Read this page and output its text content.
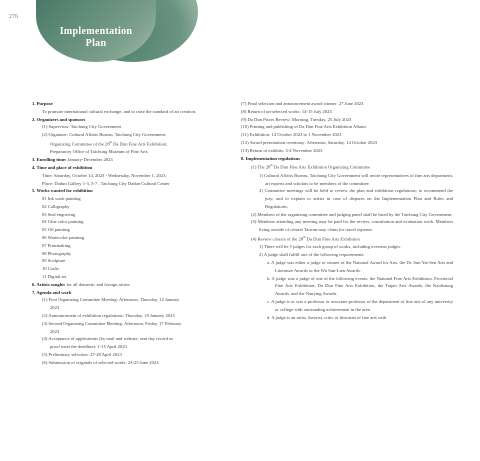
276
Implementation
Plan
1. Purpose
To promote international cultural exchange, and to raise the standard of art creation.
2. Organizers and sponsors
(1) Supervisor: Taichung City Government
(2) Organizer: Cultural Affairs Bureau, Taichung City Government;
Organizing Committee of the 28th Da Dun Fine Arts Exhibition;
Preparatory Office of Taichung Museum of Fine Arts
3. Enrolling time: January-December 2023
4. Time and place of exhibition
Time: Saturday, October 14, 2023 - Wednesday, November 1, 2023;
Place: Dadun Gallery 1-3, 5-7 , Taichung City Dadun Cultural Center
5. Works wanted for exhibition
01 Ink wash painting
02 Calligraphy
03 Seal engraving
04 Glue color painting
05 Oil painting
06 Watercolor painting
07 Printmaking
08 Photography
09 Sculpture
10 Crafts
11 Digital art
6. Artists sought: for all domestic and foreign artists
7. Agenda and work
(1) First Organizing Committee Meeting: Afternoon, Thursday, 12 January
2023
(2) Announcement of exhibition regulations: Thursday, 19 January 2023
(3) Second Organizing Committee Meeting: Afternoon, Friday, 17 February
2023
(4) Acceptance of applications (by mail and website, sent day record as
proof meet the deadline): 1-15 April 2023
(5) Preliminary selection: 27-28 April 2023
(6) Submission of originals of selected works: 23-25 June 2023
(7) Final selection and announcement award winner: 27 June 2023
(8) Return of un-selected works: 14-15 July 2023
(9) Da Dun Prizes Review: Morning, Tuesday, 25 July 2023
(10) Printing and publishing of Da Dun Fine Arts Exhibition Album
(11) Exhibition: 14 October 2023 to 1 November 2023
(12) Award presentation ceremony: Afternoon, Saturday, 14 October 2023
(13) Return of exhibits: 3-4 November 2023
8. Implementation regulations
(1) The 28th Da Dun Fine Arts Exhibition Organizing Committee
1) Cultural Affairs Bureau, Taichung City Government will invite representatives of fine arts department, art experts and scholars to be members of the committee.
2) Committee meetings will be held to review the plan and exhibition regulations; to recommend the jury; and to explain to artists in case of disputes on the Implementation Plan and Rules and Regulations.
(2) Members of the organizing committee and judging panel shall be hired by the Taichung City Government.
(3) Members attending any meeting may be paid for the review, consultation and evaluation work. Members living outside of central Taiwan may claim for travel expense.
(4) Review criteria of the 28th Da Dun Fine Arts Exhibition
1) There will be 5 judges for each group of works, including overseas judges.
2) A judge shall fulfill one of the following requirements:
a. A judge was either a judge or winner of the National Award for Arts, the Dr. Sun Yat-Sen Arts and Literature Awards or the Wu San-Lien Awards.
b. A judge was a judge of one of the following events: the National Fine Arts Exhibition, Provincial Fine Arts Exhibition, Da Dun Fine Arts Exhibition, the Taipei Arts Awards, the Kaohsiung Awards, and the Nanying Awards.
c. A judge is or was a professor or associate professor of the department of fine arts of any university or college with outstanding achievement in the area.
d. A judge is an artist, theorist, critic or historian of fine arts with
